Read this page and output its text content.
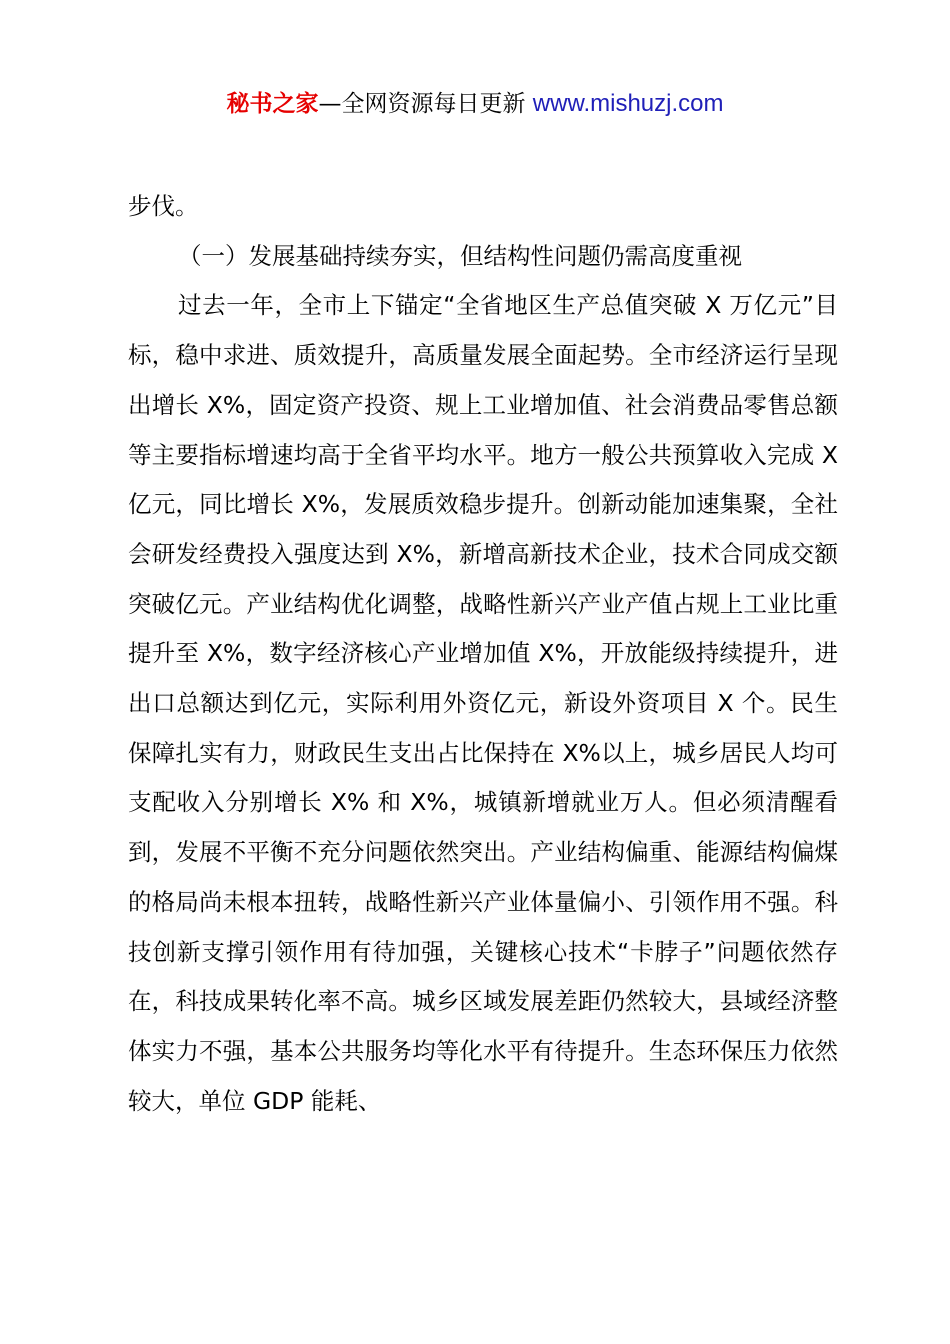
秘书之家—全网资源每日更新 www.mishuzj.com

步伐。

（一）发展基础持续夯实，但结构性问题仍需高度重视

过去一年，全市上下锚定“全省地区生产总值突破 X 万亿元”目标，稳中求进、质效提升，高质量发展全面起势。全市经济运行呈现出增长 X%，固定资产投资、规上工业增加值、社会消费品零售总额等主要指标增速均高于全省平均水平。地方一般公共预算收入完成 X 亿元，同比增长 X%，发展质效稳步提升。创新动能加速集聚，全社会研发经费投入强度达到 X%，新增高新技术企业，技术合同成交额突破亿元。产业结构优化调整，战略性新兴产业产值占规上工业比重提升至 X%，数字经济核心产业增加值 X%，开放能级持续提升，进出口总额达到亿元，实际利用外资亿元，新设外资项目 X 个。民生保障扎实有力，财政民生支出占比保持在 X%以上，城乡居民人均可支配收入分别增长 X% 和 X%，城镇新增就业万人。但必须清醒看到，发展不平衡不充分问题依然突出。产业结构偏重、能源结构偏煤的格局尚未根本扭转，战略性新兴产业体量偏小、引领作用不强。科技创新支撑引领作用有待加强，关键核心技术“卡脖子”问题依然存在，科技成果转化率不高。城乡区域发展差距仍然较大，县域经济整体实力不强，基本公共服务均等化水平有待提升。生态环保压力依然较大，单位 GDP 能耗、
